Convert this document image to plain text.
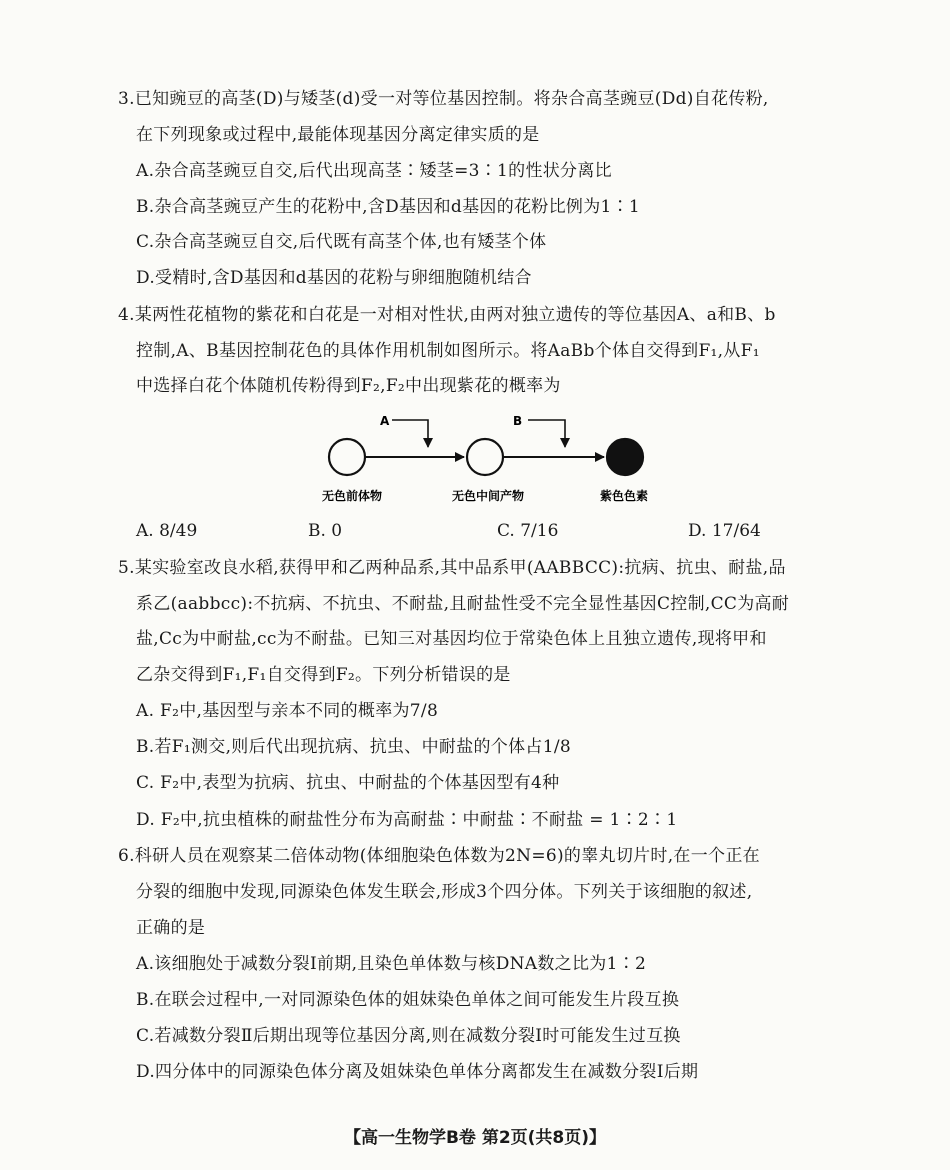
3.已知豌豆的高茎(D)与矮茎(d)受一对等位基因控制。将杂合高茎豌豆(Dd)自花传粉,
在下列现象或过程中,最能体现基因分离定律实质的是
A.杂合高茎豌豆自交,后代出现高茎∶矮茎=3∶1的性状分离比
B.杂合高茎豌豆产生的花粉中,含D基因和d基因的花粉比例为1∶1
C.杂合高茎豌豆自交,后代既有高茎个体,也有矮茎个体
D.受精时,含D基因和d基因的花粉与卵细胞随机结合
4.某两性花植物的紫花和白花是一对相对性状,由两对独立遗传的等位基因A、a和B、b
控制,A、B基因控制花色的具体作用机制如图所示。将AaBb个体自交得到F₁,从F₁
中选择白花个体随机传粉得到F₂,F₂中出现紫花的概率为
A	B
无色前体物	无色中间产物	紫色色素
A. 8/49	B. 0	C. 7/16	D. 17/64
5.某实验室改良水稻,获得甲和乙两种品系,其中品系甲(AABBCC):抗病、抗虫、耐盐,品
系乙(aabbcc):不抗病、不抗虫、不耐盐,且耐盐性受不完全显性基因C控制,CC为高耐
盐,Cc为中耐盐,cc为不耐盐。已知三对基因均位于常染色体上且独立遗传,现将甲和
乙杂交得到F₁,F₁自交得到F₂。下列分析错误的是
A. F₂中,基因型与亲本不同的概率为7/8
B.若F₁测交,则后代出现抗病、抗虫、中耐盐的个体占1/8
C. F₂中,表型为抗病、抗虫、中耐盐的个体基因型有4种
D. F₂中,抗虫植株的耐盐性分布为高耐盐∶中耐盐∶不耐盐 = 1∶2∶1
6.科研人员在观察某二倍体动物(体细胞染色体数为2N=6)的睾丸切片时,在一个正在
分裂的细胞中发现,同源染色体发生联会,形成3个四分体。下列关于该细胞的叙述,
正确的是
A.该细胞处于减数分裂Ⅰ前期,且染色单体数与核DNA数之比为1∶2
B.在联会过程中,一对同源染色体的姐妹染色单体之间可能发生片段互换
C.若减数分裂Ⅱ后期出现等位基因分离,则在减数分裂Ⅰ时可能发生过互换
D.四分体中的同源染色体分离及姐妹染色单体分离都发生在减数分裂Ⅰ后期
【高一生物学B卷 第2页(共8页)】
